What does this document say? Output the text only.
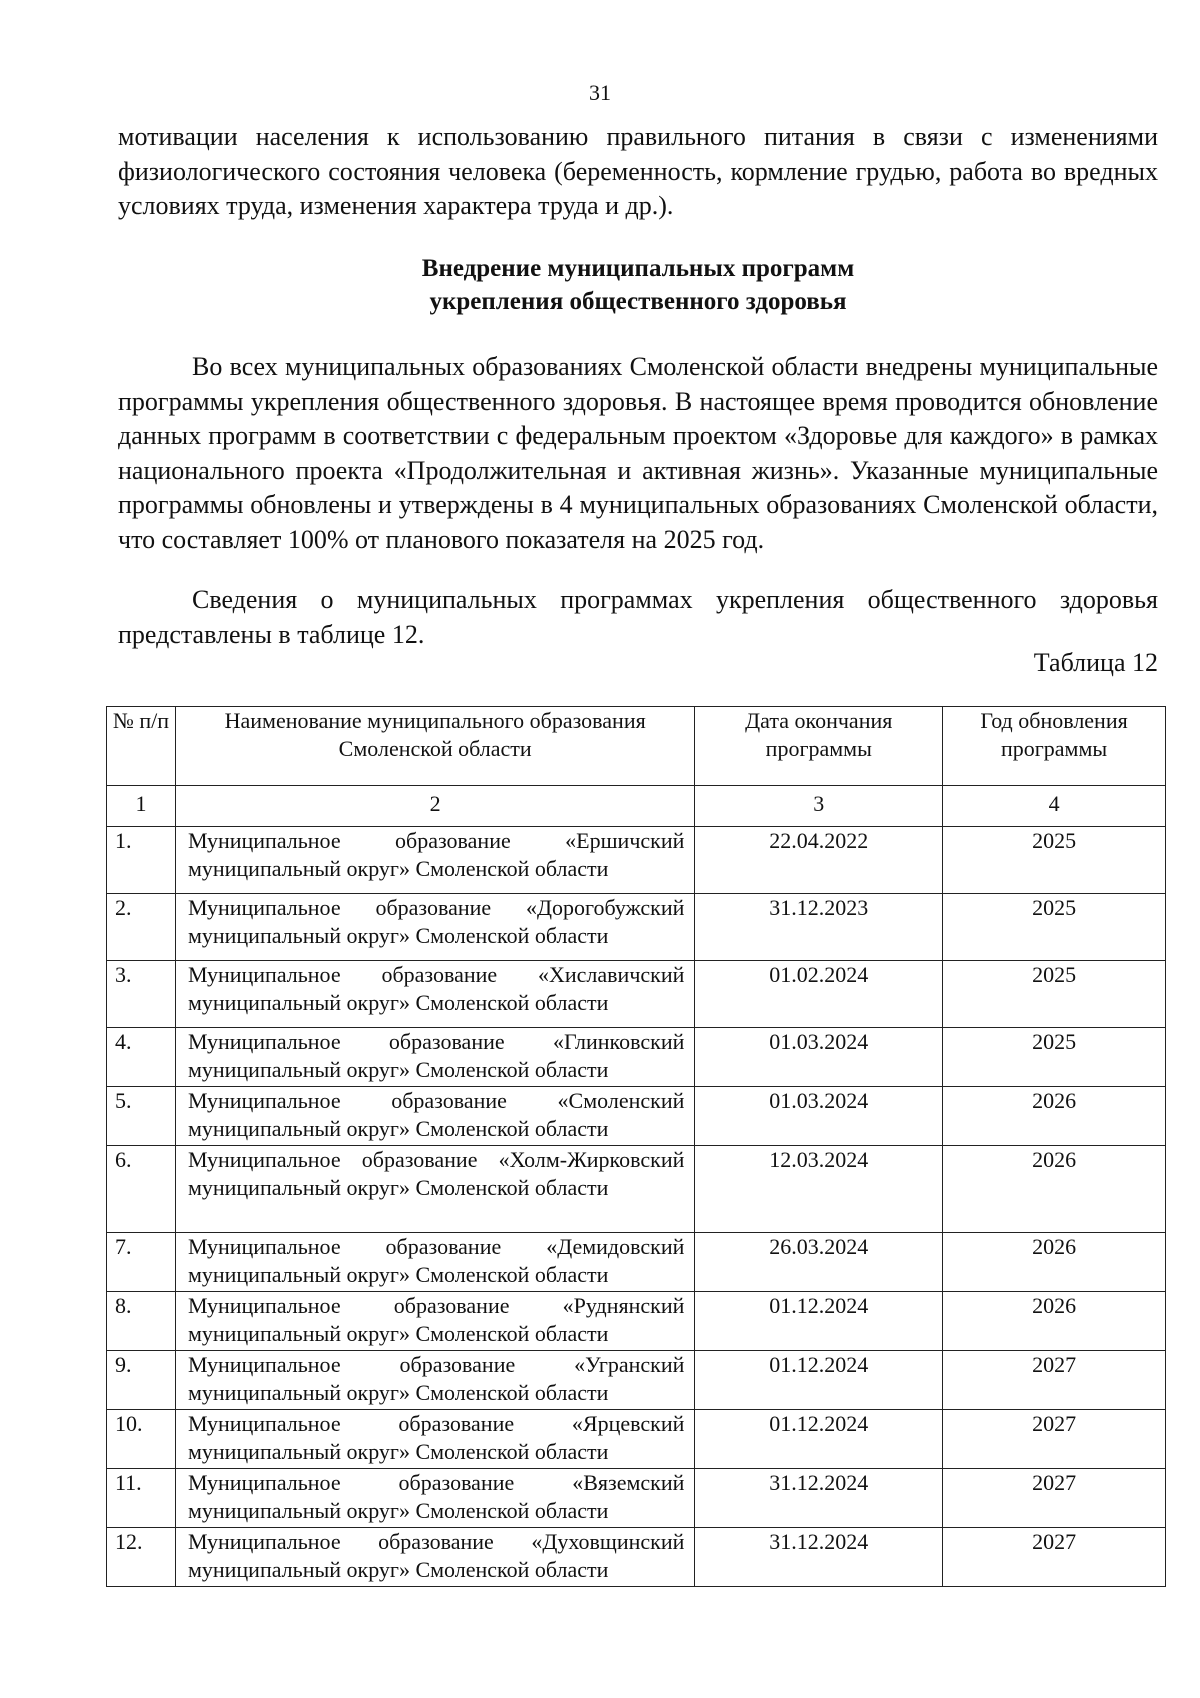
31
мотивации населения к использованию правильного питания в связи с изменениями физиологического состояния человека (беременность, кормление грудью, работа во вредных условиях труда, изменения характера труда и др.).
Внедрение муниципальных программ
укрепления общественного здоровья
Во всех муниципальных образованиях Смоленской области внедрены муниципальные программы укрепления общественного здоровья. В настоящее время проводится обновление данных программ в соответствии с федеральным проектом «Здоровье для каждого» в рамках национального проекта «Продолжительная и активная жизнь». Указанные муниципальные программы обновлены и утверждены в 4 муниципальных образованиях Смоленской области, что составляет 100% от планового показателя на 2025 год.
Сведения о муниципальных программах укрепления общественного здоровья представлены в таблице 12.
Таблица 12
№ п/п	Наименование муниципального образования Смоленской области	Дата окончания программы	Год обновления программы
1	2	3	4
1.	Муниципальное образование «Ершичский муниципальный округ» Смоленской области	22.04.2022	2025
2.	Муниципальное образование «Дорогобужский муниципальный округ» Смоленской области	31.12.2023	2025
3.	Муниципальное образование «Хиславичский муниципальный округ» Смоленской области	01.02.2024	2025
4.	Муниципальное образование «Глинковский муниципальный округ» Смоленской области	01.03.2024	2025
5.	Муниципальное образование «Смоленский муниципальный округ» Смоленской области	01.03.2024	2026
6.	Муниципальное образование «Холм-Жирковский муниципальный округ» Смоленской области	12.03.2024	2026
7.	Муниципальное образование «Демидовский муниципальный округ» Смоленской области	26.03.2024	2026
8.	Муниципальное образование «Руднянский муниципальный округ» Смоленской области	01.12.2024	2026
9.	Муниципальное образование «Угранский муниципальный округ» Смоленской области	01.12.2024	2027
10.	Муниципальное образование «Ярцевский муниципальный округ» Смоленской области	01.12.2024	2027
11.	Муниципальное образование «Вяземский муниципальный округ» Смоленской области	31.12.2024	2027
12.	Муниципальное образование «Духовщинский муниципальный округ» Смоленской области	31.12.2024	2027
